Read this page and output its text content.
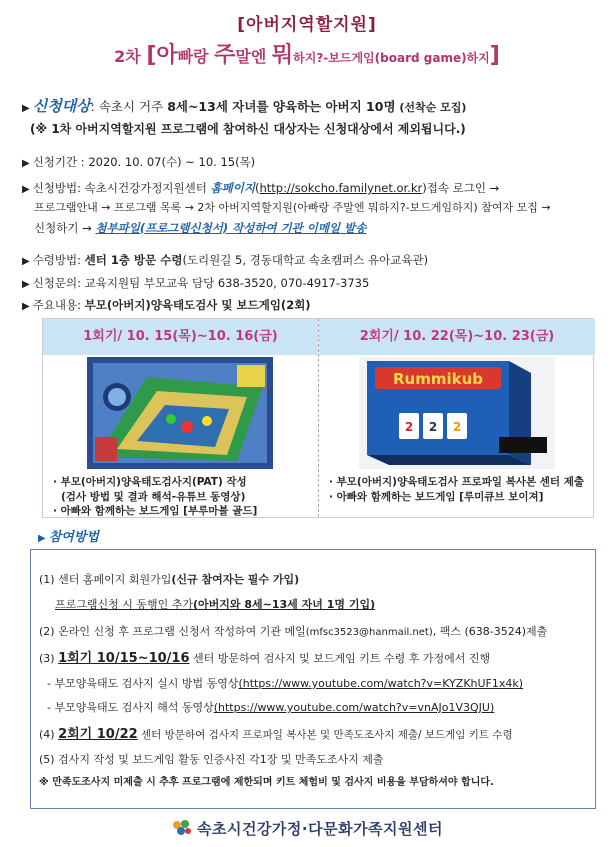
[아버지역할지원]
2차 [아빠랑 주말엔 뭐하지?-보드게임(board game)하지]
▶ 신청대상: 속초시 거주 8세~13세 자녀를 양육하는 아버지 10명 (선착순 모집)
(※ 1차 아버지역할지원 프로그램에 참여하신 대상자는 신청대상에서 제외됩니다.)
▶ 신청기간 : 2020. 10. 07(수) ~ 10. 15(목)
▶ 신청방법: 속초시건강가정지원센터 홈페이지(http://sokcho.familynet.or.kr)접속 로그인 →
프로그램안내 → 프로그램 목록 → 2차 아버지역할지원(아빠랑 주말엔 뭐하지?-보드게임하지) 참여자 모집 →
신청하기 → 첨부파일(프로그램신청서) 작성하여 기관 이메일 발송
▶ 수령방법: 센터 1층 방문 수령(도리원길 5, 경동대학교 속초캠퍼스 유아교육관)
▶ 신청문의: 교육지원팀 부모교육 담당 638-3520, 070-4917-3735
▶ 주요내용: 부모(아버지)양육태도검사 및 보드게임(2회)
1회기/ 10. 15(목)~10. 16(금)
· 부모(아버지)양육태도검사지(PAT) 작성
(검사 방법 및 결과 해석-유튜브 동영상)
· 아빠와 함께하는 보드게임 [부루마블 골드]
2회기/ 10. 22(목)~10. 23(금)
Rummikub
2 2 2
· 부모(아버지)양육태도검사 프로파일 복사본 센터 제출
· 아빠와 함께하는 보드게임 [루미큐브 보이져]
▶ 참여방법
(1) 센터 홈페이지 회원가입(신규 참여자는 필수 가입)
프로그램신청 시 동행인 추가(아버지와 8세~13세 자녀 1명 기입)
(2) 온라인 신청 후 프로그램 신청서 작성하여 기관 메일(mfsc3523@hanmail.net), 팩스 (638-3524)제출
(3) 1회기 10/15~10/16 센터 방문하여 검사지 및 보드게임 키트 수령 후 가정에서 진행
- 부모양육태도 검사지 실시 방법 동영상(https://www.youtube.com/watch?v=KYZKhUF1x4k)
- 부모양육태도 검사지 해석 동영상(https://www.youtube.com/watch?v=vnAJo1V3QJU)
(4) 2회기 10/22 센터 방문하여 검사지 프로파일 복사본 및 만족도조사지 제출/ 보드게임 키트 수령
(5) 검사지 작성 및 보드게임 활동 인증사진 각1장 및 만족도조사지 제출
※ 만족도조사지 미제출 시 추후 프로그램에 제한되며 키트 체험비 및 검사지 비용을 부담하셔야 합니다.
속초시건강가정·다문화가족지원센터
